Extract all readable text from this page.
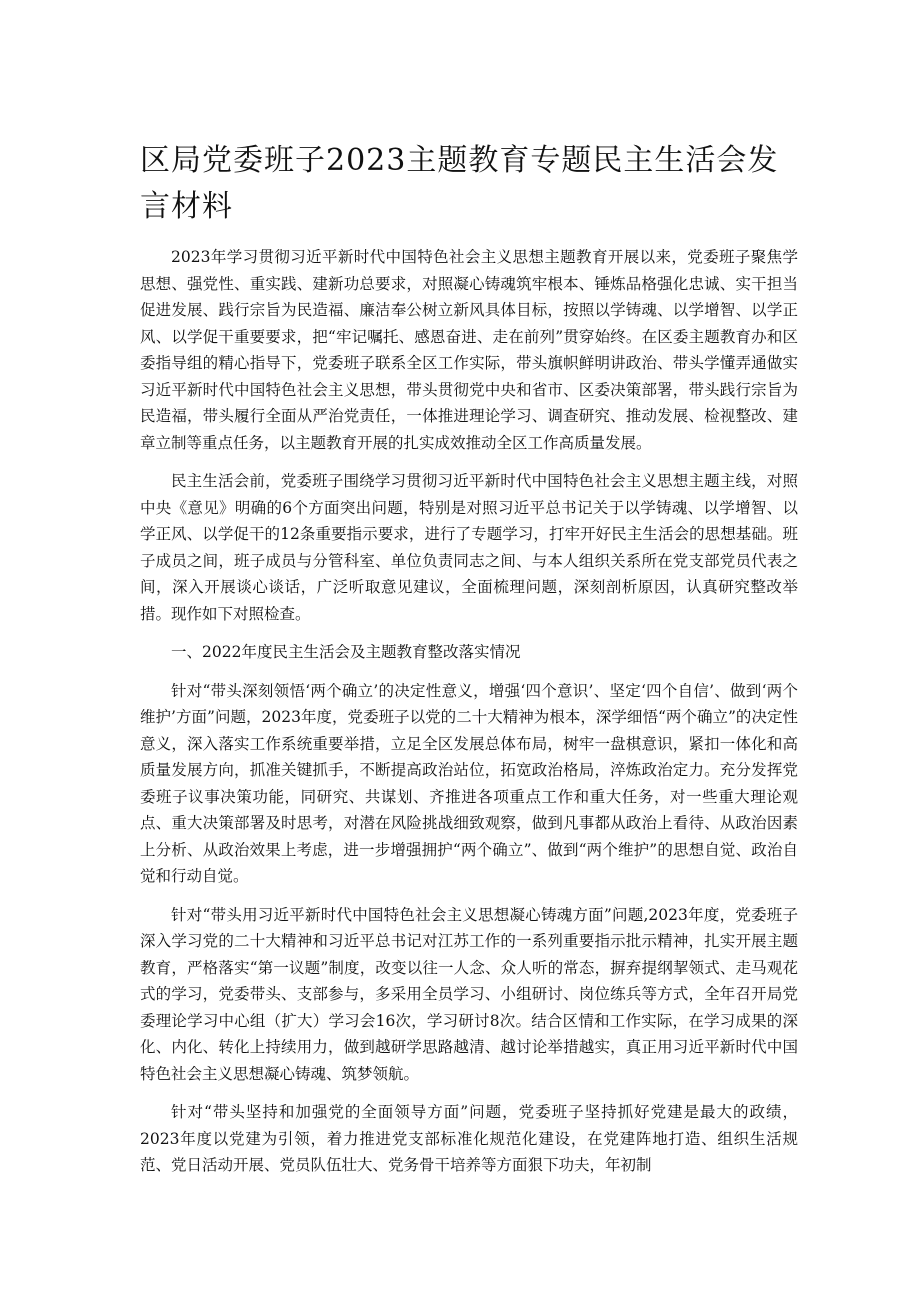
区局党委班子2023主题教育专题民主生活会发言材料

2023年学习贯彻习近平新时代中国特色社会主义思想主题教育开展以来，党委班子聚焦学思想、强党性、重实践、建新功总要求，对照凝心铸魂筑牢根本、锤炼品格强化忠诚、实干担当促进发展、践行宗旨为民造福、廉洁奉公树立新风具体目标，按照以学铸魂、以学增智、以学正风、以学促干重要要求，把“牢记嘱托、感恩奋进、走在前列”贯穿始终。在区委主题教育办和区委指导组的精心指导下，党委班子联系全区工作实际，带头旗帜鲜明讲政治、带头学懂弄通做实习近平新时代中国特色社会主义思想，带头贯彻党中央和省市、区委决策部署，带头践行宗旨为民造福，带头履行全面从严治党责任，一体推进理论学习、调查研究、推动发展、检视整改、建章立制等重点任务，以主题教育开展的扎实成效推动全区工作高质量发展。

民主生活会前，党委班子围绕学习贯彻习近平新时代中国特色社会主义思想主题主线，对照中央《意见》明确的6个方面突出问题，特别是对照习近平总书记关于以学铸魂、以学增智、以学正风、以学促干的12条重要指示要求，进行了专题学习，打牢开好民主生活会的思想基础。班子成员之间，班子成员与分管科室、单位负责同志之间、与本人组织关系所在党支部党员代表之间，深入开展谈心谈话，广泛听取意见建议，全面梳理问题，深刻剖析原因，认真研究整改举措。现作如下对照检查。

一、2022年度民主生活会及主题教育整改落实情况

针对“带头深刻领悟‘两个确立’的决定性意义，增强‘四个意识’、坚定‘四个自信’、做到‘两个维护’方面”问题，2023年度，党委班子以党的二十大精神为根本，深学细悟“两个确立”的决定性意义，深入落实工作系统重要举措，立足全区发展总体布局，树牢一盘棋意识，紧扣一体化和高质量发展方向，抓准关键抓手，不断提高政治站位，拓宽政治格局，淬炼政治定力。充分发挥党委班子议事决策功能，同研究、共谋划、齐推进各项重点工作和重大任务，对一些重大理论观点、重大决策部署及时思考，对潜在风险挑战细致观察，做到凡事都从政治上看待、从政治因素上分析、从政治效果上考虑，进一步增强拥护“两个确立”、做到“两个维护”的思想自觉、政治自觉和行动自觉。

针对“带头用习近平新时代中国特色社会主义思想凝心铸魂方面”问题,2023年度，党委班子深入学习党的二十大精神和习近平总书记对江苏工作的一系列重要指示批示精神，扎实开展主题教育，严格落实“第一议题”制度，改变以往一人念、众人听的常态，摒弃提纲挈领式、走马观花式的学习，党委带头、支部参与，多采用全员学习、小组研讨、岗位练兵等方式，全年召开局党委理论学习中心组（扩大）学习会16次，学习研讨8次。结合区情和工作实际，在学习成果的深化、内化、转化上持续用力，做到越研学思路越清、越讨论举措越实，真正用习近平新时代中国特色社会主义思想凝心铸魂、筑梦领航。

针对“带头坚持和加强党的全面领导方面”问题，党委班子坚持抓好党建是最大的政绩，2023年度以党建为引领，着力推进党支部标准化规范化建设，在党建阵地打造、组织生活规范、党日活动开展、党员队伍壮大、党务骨干培养等方面狠下功夫，年初制
